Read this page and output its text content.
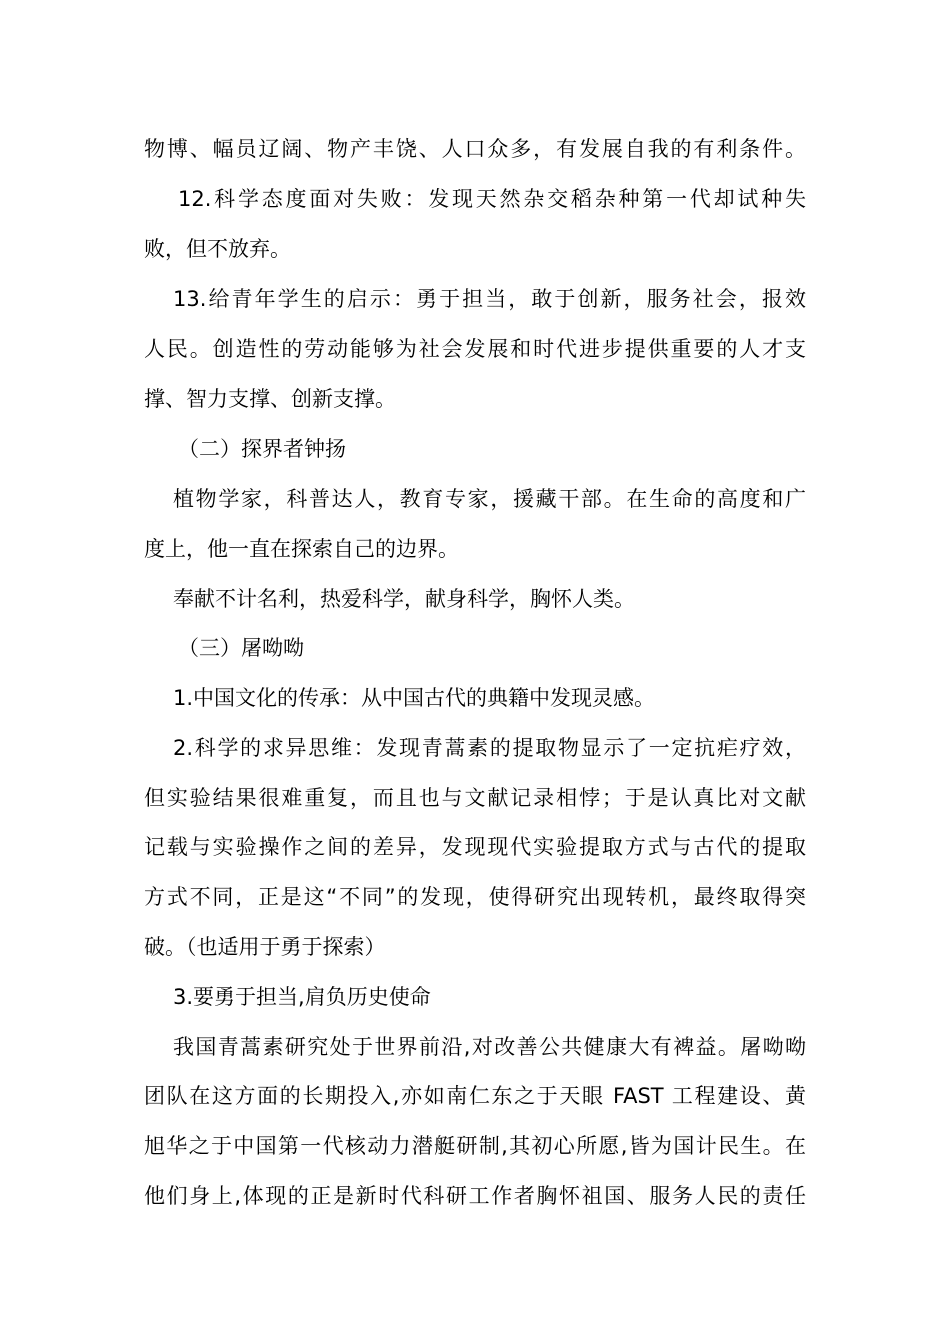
物博、幅员辽阔、物产丰饶、人口众多，有发展自我的有利条件。
12.科学态度面对失败：发现天然杂交稻杂种第一代却试种失
败，但不放弃。
13.给青年学生的启示：勇于担当，敢于创新，服务社会，报效
人民。创造性的劳动能够为社会发展和时代进步提供重要的人才支
撑、智力支撑、创新支撑。
（二）探界者钟扬
植物学家，科普达人，教育专家，援藏干部。在生命的高度和广
度上，他一直在探索自己的边界。
奉献不计名利，热爱科学，献身科学，胸怀人类。
（三）屠呦呦
1.中国文化的传承：从中国古代的典籍中发现灵感。
2.科学的求异思维：发现青蒿素的提取物显示了一定抗疟疗效，
但实验结果很难重复，而且也与文献记录相悖；于是认真比对文献
记载与实验操作之间的差异，发现现代实验提取方式与古代的提取
方式不同，正是这“不同”的发现，使得研究出现转机，最终取得突
破。（也适用于勇于探索）
3.要勇于担当,肩负历史使命
我国青蒿素研究处于世界前沿,对改善公共健康大有裨益。屠呦呦
团队在这方面的长期投入,亦如南仁东之于天眼 FAST 工程建设、黄
旭华之于中国第一代核动力潜艇研制,其初心所愿,皆为国计民生。在
他们身上,体现的正是新时代科研工作者胸怀祖国、服务人民的责任
